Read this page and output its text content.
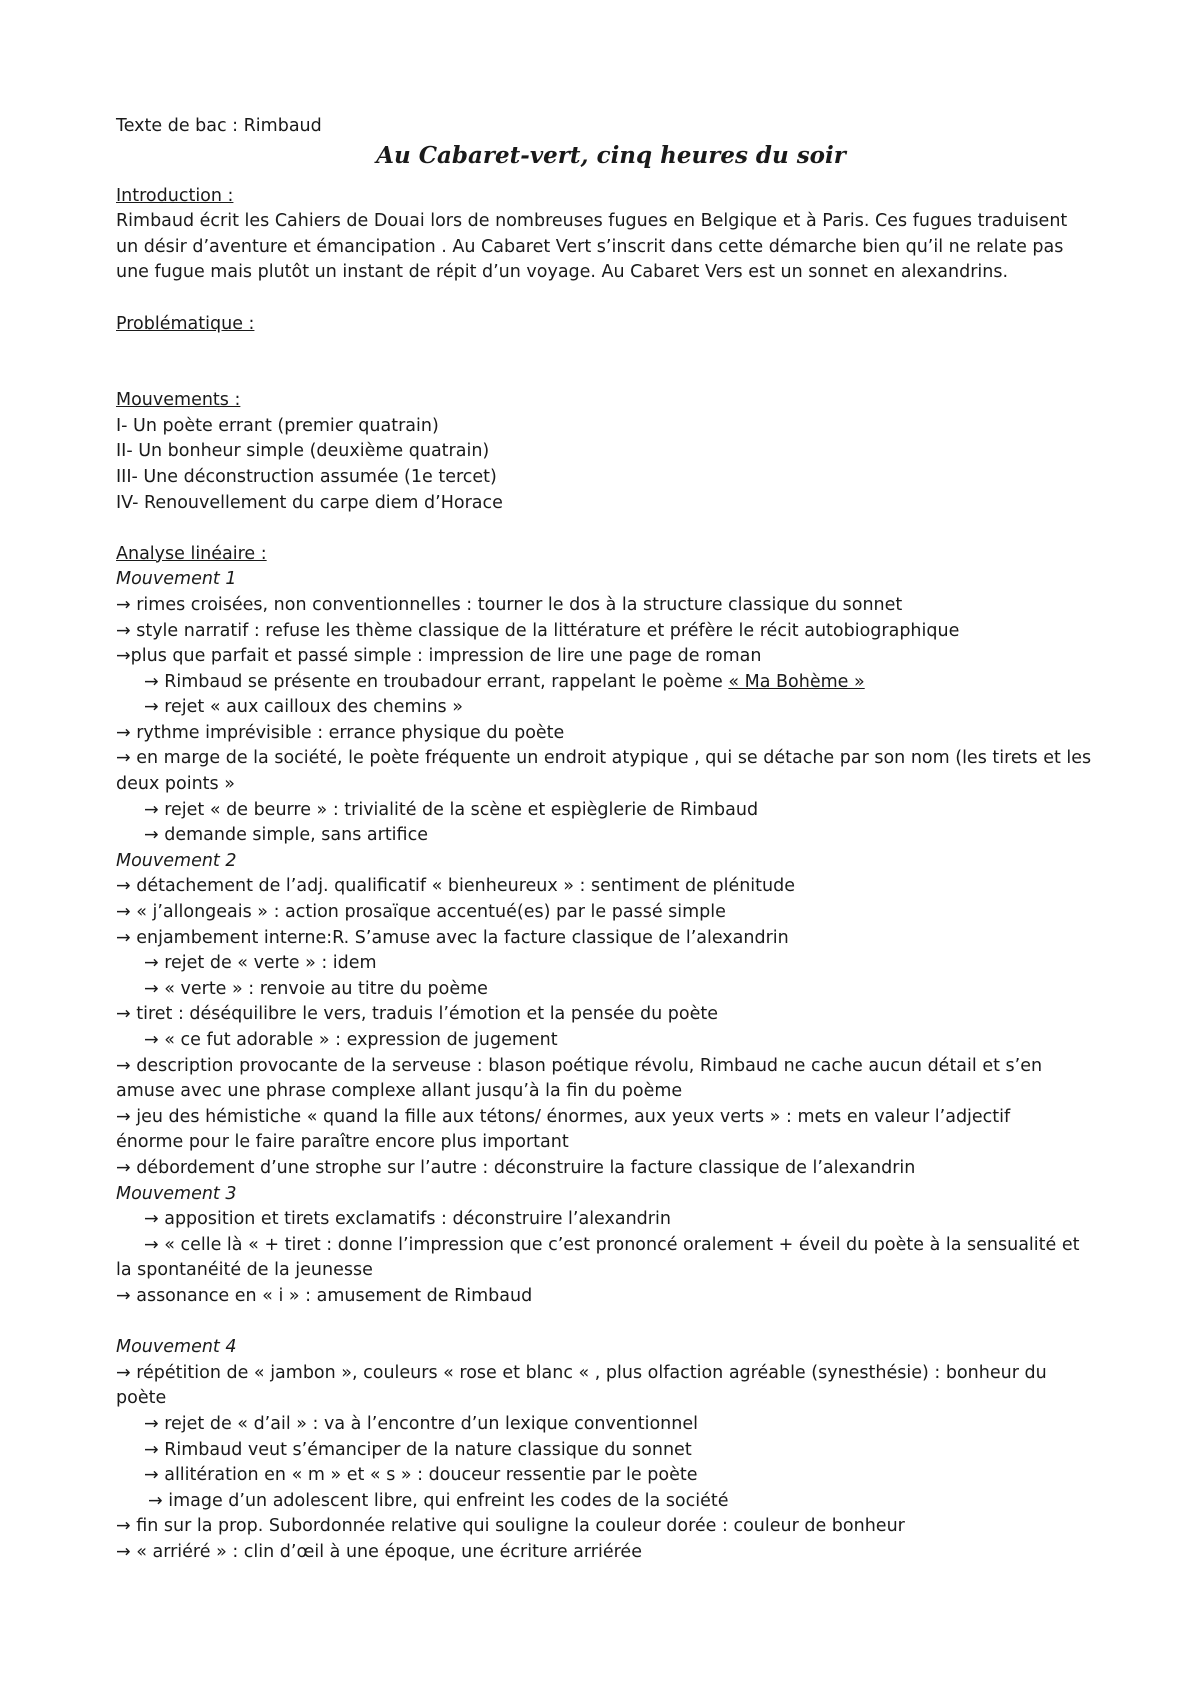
Texte de bac : Rimbaud
Au Cabaret-vert, cinq heures du soir
Introduction :
Rimbaud écrit les Cahiers de Douai lors de nombreuses fugues en Belgique et à Paris. Ces fugues traduisent
un désir d’aventure et émancipation . Au Cabaret Vert s’inscrit dans cette démarche bien qu’il ne relate pas
une fugue mais plutôt un instant de répit d’un voyage. Au Cabaret Vers est un sonnet en alexandrins.
Problématique :
Mouvements :
I- Un poète errant (premier quatrain)
II- Un bonheur simple (deuxième quatrain)
III- Une déconstruction assumée (1e tercet)
IV- Renouvellement du carpe diem d’Horace
Analyse linéaire :
Mouvement 1
→ rimes croisées, non conventionnelles : tourner le dos à la structure classique du sonnet
→ style narratif : refuse les thème classique de la littérature et préfère le récit autobiographique
→plus que parfait et passé simple : impression de lire une page de roman
→ Rimbaud se présente en troubadour errant, rappelant le poème « Ma Bohème »
→ rejet « aux cailloux des chemins »
→ rythme imprévisible : errance physique du poète
→ en marge de la société, le poète fréquente un endroit atypique , qui se détache par son nom (les tirets et les
deux points »
→ rejet « de beurre » : trivialité de la scène et espièglerie de Rimbaud
→ demande simple, sans artifice
Mouvement 2
→ détachement de l’adj. qualificatif « bienheureux » : sentiment de plénitude
→ « j’allongeais » : action prosaïque accentué(es) par le passé simple
→ enjambement interne:R. S’amuse avec la facture classique de l’alexandrin
→ rejet de « verte » : idem
→ « verte » : renvoie au titre du poème
→ tiret : déséquilibre le vers, traduis l’émotion et la pensée du poète
→ « ce fut adorable » : expression de jugement
→ description provocante de la serveuse : blason poétique révolu, Rimbaud ne cache aucun détail et s’en
amuse avec une phrase complexe allant jusqu’à la fin du poème
→ jeu des hémistiche « quand la fille aux tétons/ énormes, aux yeux verts » : mets en valeur l’adjectif
énorme pour le faire paraître encore plus important
→ débordement d’une strophe sur l’autre : déconstruire la facture classique de l’alexandrin
Mouvement 3
→ apposition et tirets exclamatifs : déconstruire l’alexandrin
→ « celle là « + tiret : donne l’impression que c’est prononcé oralement + éveil du poète à la sensualité et
la spontanéité de la jeunesse
→ assonance en « i » : amusement de Rimbaud
Mouvement 4
→ répétition de « jambon », couleurs « rose et blanc « , plus olfaction agréable (synesthésie) : bonheur du
poète
→ rejet de « d’ail » : va à l’encontre d’un lexique conventionnel
→ Rimbaud veut s’émanciper de la nature classique du sonnet
→ allitération en « m » et « s » : douceur ressentie par le poète
→ image d’un adolescent libre, qui enfreint les codes de la société
→ fin sur la prop. Subordonnée relative qui souligne la couleur dorée : couleur de bonheur
→ « arriéré » : clin d’œil à une époque, une écriture arriérée
